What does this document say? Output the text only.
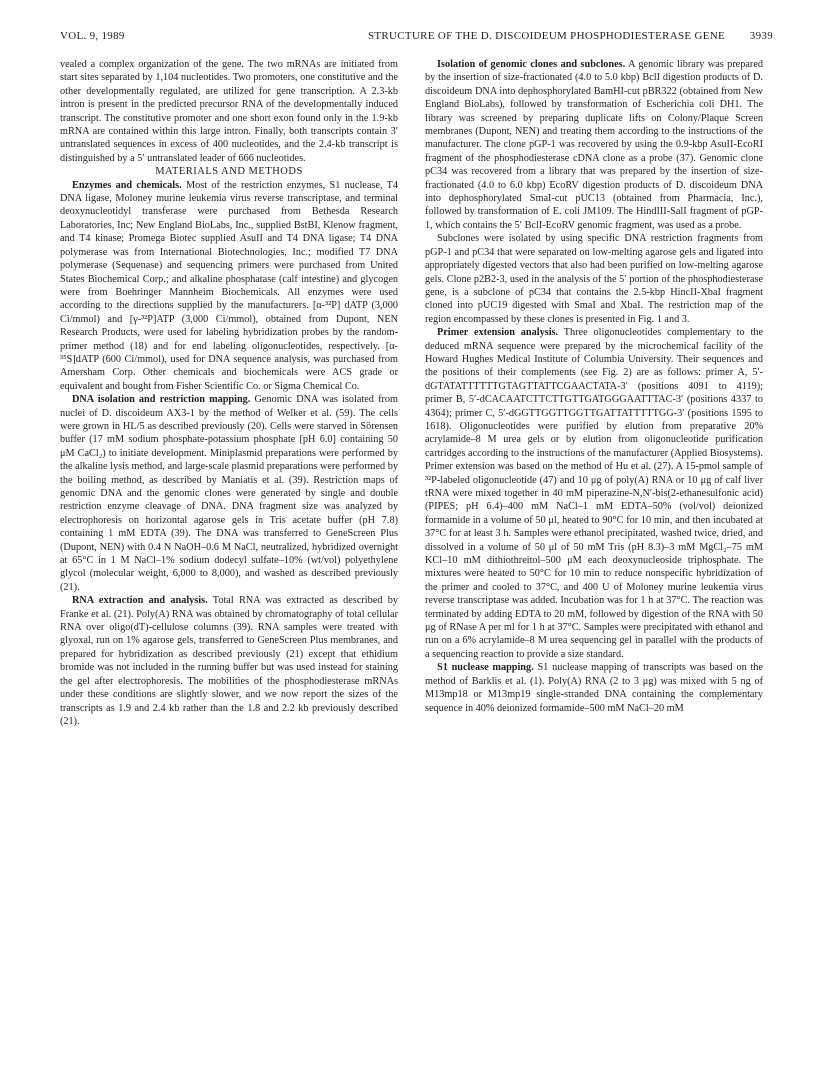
VOL. 9, 1989	STRUCTURE OF THE D. DISCOIDEUM PHOSPHODIESTERASE GENE 3939

vealed a complex organization of the gene. The two mRNAs are initiated from start sites separated by 1,104 nucleotides. Two promoters, one constitutive and the other developmentally regulated, are utilized for gene transcription. A 2.3-kb intron is present in the predicted precursor RNA of the developmentally induced transcript. The constitutive promoter and one short exon found only in the 1.9-kb mRNA are contained within this large intron. Finally, both transcripts contain 3′ untranslated sequences in excess of 400 nucleotides, and the 2.4-kb transcript is distinguished by a 5′ untranslated leader of 666 nucleotides.

MATERIALS AND METHODS

Enzymes and chemicals. Most of the restriction enzymes, S1 nuclease, T4 DNA ligase, Moloney murine leukemia virus reverse transcriptase, and terminal deoxynucleotidyl transferase were purchased from Bethesda Research Laboratories, Inc; New England BioLabs, Inc., supplied BstBI, Klenow fragment, and T4 kinase; Promega Biotec supplied AsuII and T4 DNA ligase; T4 DNA polymerase was from International Biotechnologies, Inc.; modified T7 DNA polymerase (Sequenase) and sequencing primers were purchased from United States Biochemical Corp.; and alkaline phosphatase (calf intestine) and glycogen were from Boehringer Mannheim Biochemicals. All enzymes were used according to the directions supplied by the manufacturers. [α-³²P] dATP (3,000 Ci/mmol) and [γ-³²P]ATP (3,000 Ci/mmol), obtained from Dupont, NEN Research Products, were used for labeling hybridization probes by the random-primer method (18) and for end labeling oligonucleotides, respectively. [α-³⁵S]dATP (600 Ci/mmol), used for DNA sequence analysis, was purchased from Amersham Corp. Other chemicals and biochemicals were ACS grade or equivalent and bought from Fisher Scientific Co. or Sigma Chemical Co.

DNA isolation and restriction mapping. Genomic DNA was isolated from nuclei of D. discoideum AX3-1 by the method of Welker et al. (59). The cells were grown in HL/5 as described previously (20). Cells were starved in Sörensen buffer (17 mM sodium phosphate-potassium phosphate [pH 6.0] containing 50 μM CaCl₂) to initiate development. Miniplasmid preparations were performed by the alkaline lysis method, and large-scale plasmid preparations were performed by the boiling method, as described by Maniatis et al. (39). Restriction maps of genomic DNA and the genomic clones were generated by single and double restriction enzyme cleavage of DNA. DNA fragment size was analyzed by electrophoresis on horizontal agarose gels in Tris acetate buffer (pH 7.8) containing 1 mM EDTA (39). The DNA was transferred to GeneScreen Plus (Dupont, NEN) with 0.4 N NaOH–0.6 M NaCl, neutralized, hybridized overnight at 65°C in 1 M NaCl–1% sodium dodecyl sulfate–10% (wt/vol) polyethylene glycol (molecular weight, 6,000 to 8,000), and washed as described previously (21).

RNA extraction and analysis. Total RNA was extracted as described by Franke et al. (21). Poly(A) RNA was obtained by chromatography of total cellular RNA over oligo(dT)-cellulose columns (39). RNA samples were treated with glyoxal, run on 1% agarose gels, transferred to GeneScreen Plus membranes, and prepared for hybridization as described previously (21) except that ethidium bromide was not included in the running buffer but was used instead for staining the gel after electrophoresis. The mobilities of the phosphodiesterase mRNAs under these conditions are slightly slower, and we now report the sizes of the transcripts as 1.9 and 2.4 kb rather than the 1.8 and 2.2 kb previously described (21).

Isolation of genomic clones and subclones. A genomic library was prepared by the insertion of size-fractionated (4.0 to 5.0 kbp) BclI digestion products of D. discoideum DNA into dephosphorylated BamHI-cut pBR322 (obtained from New England BioLabs), followed by transformation of Escherichia coli DH1. The library was screened by preparing duplicate lifts on Colony/Plaque Screen membranes (Dupont, NEN) and treating them according to the instructions of the manufacturer. The clone pGP-1 was recovered by using the 0.9-kbp AsuII-EcoRI fragment of the phosphodiesterase cDNA clone as a probe (37). Genomic clone pC34 was recovered from a library that was prepared by the insertion of size-fractionated (4.0 to 6.0 kbp) EcoRV digestion products of D. discoideum DNA into dephosphorylated SmaI-cut pUC13 (obtained from Pharmacia, Inc.), followed by transformation of E. coli JM109. The HindIII-SalI fragment of pGP-1, which contains the 5′ BclI-EcoRV genomic fragment, was used as a probe.

Subclones were isolated by using specific DNA restriction fragments from pGP-1 and pC34 that were separated on low-melting agarose gels and ligated into appropriately digested vectors that also had been purified on low-melting agarose gels. Clone p2B2-3, used in the analysis of the 5′ portion of the phosphodiesterase gene, is a subclone of pC34 that contains the 2.5-kbp HincII-XbaI fragment cloned into pUC19 digested with SmaI and XbaI. The restriction map of the region encompassed by these clones is presented in Fig. 1 and 3.

Primer extension analysis. Three oligonucleotides complementary to the deduced mRNA sequence were prepared by the microchemical facility of the Howard Hughes Medical Institute of Columbia University. Their sequences and the positions of their complements (see Fig. 2) are as follows: primer A, 5′-dGTATATTTTTTGTAGTTATTCGAACTATA-3′ (positions 4091 to 4119); primer B, 5′-dCACAATCTTCTTGTTGATGGGAATTTAC-3′ (positions 4337 to 4364); primer C, 5′-dGGTTGGTTGGTTGATTATTTTTGG-3′ (positions 1595 to 1618). Oligonucleotides were purified by elution from preparative 20% acrylamide–8 M urea gels or by elution from oligonucleotide purification cartridges according to the instructions of the manufacturer (Applied Biosystems). Primer extension was based on the method of Hu et al. (27). A 15-pmol sample of ³²P-labeled oligonucleotide (47) and 10 μg of poly(A) RNA or 10 μg of calf liver tRNA were mixed together in 40 mM piperazine-N,N′-bis(2-ethanesulfonic acid) (PIPES; pH 6.4)–400 mM NaCl–1 mM EDTA–50% (vol/vol) deionized formamide in a volume of 50 μl, heated to 90°C for 10 min, and then incubated at 37°C for at least 3 h. Samples were ethanol precipitated, washed twice, dried, and dissolved in a volume of 50 μl of 50 mM Tris (pH 8.3)–3 mM MgCl₂–75 mM KCl–10 mM dithiothreitol–500 μM each deoxynucleoside triphosphate. The mixtures were heated to 50°C for 10 min to reduce nonspecific hybridization of the primer and cooled to 37°C, and 400 U of Moloney murine leukemia virus reverse transcriptase was added. Incubation was for 1 h at 37°C. The reaction was terminated by adding EDTA to 20 mM, followed by digestion of the RNA with 50 μg of RNase A per ml for 1 h at 37°C. Samples were precipitated with ethanol and run on a 6% acrylamide–8 M urea sequencing gel in parallel with the products of a sequencing reaction to provide a size standard.

S1 nuclease mapping. S1 nuclease mapping of transcripts was based on the method of Barklis et al. (1). Poly(A) RNA (2 to 3 μg) was mixed with 5 ng of M13mp18 or M13mp19 single-stranded DNA containing the complementary sequence in 40% deionized formamide–500 mM NaCl–20 mM
